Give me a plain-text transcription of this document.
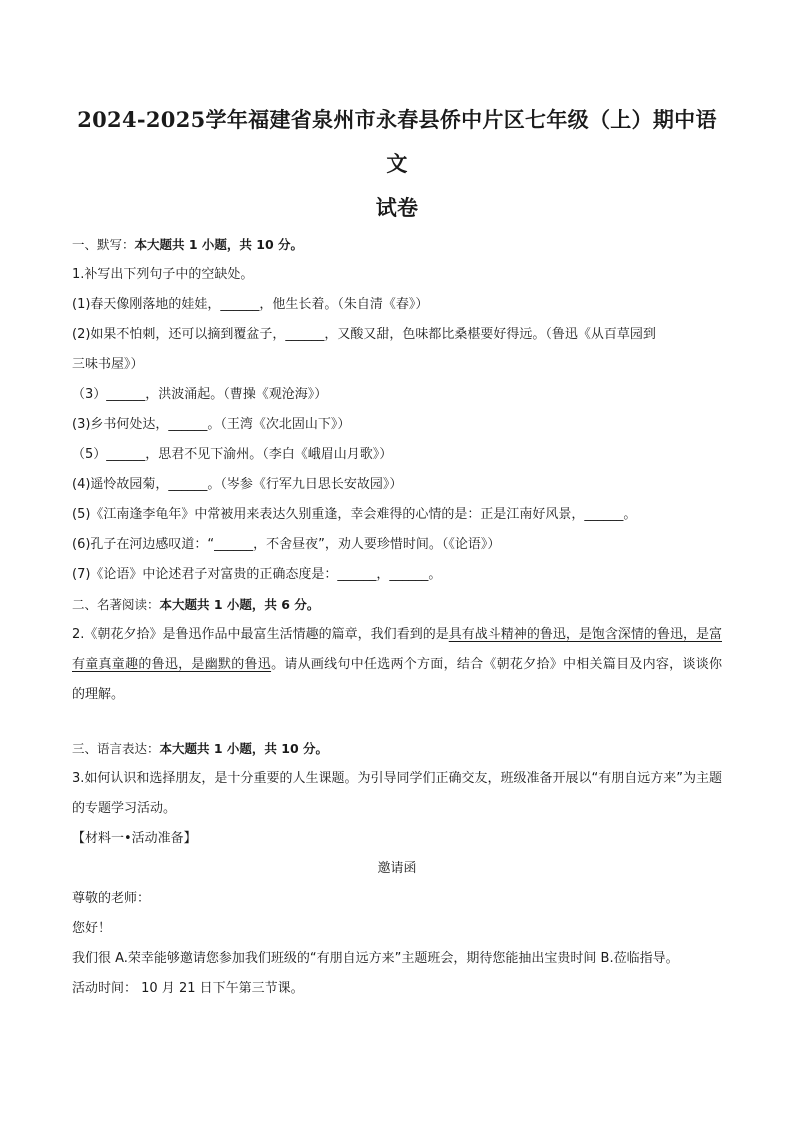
2024-2025学年福建省泉州市永春县侨中片区七年级（上）期中语文

试卷

一、默写：本大题共 1 小题，共 10 分。

1.补写出下列句子中的空缺处。

(1)春天像刚落地的娃娃，______，他生长着。（朱自清《春》）

(2)如果不怕刺，还可以摘到覆盆子，______，又酸又甜，色味都比桑椹要好得远。（鲁迅《从百草园到

三味书屋》）

（3）______，洪波涌起。（曹操《观沧海》）

(3)乡书何处达，______。（王湾《次北固山下》）

（5）______，思君不见下渝州。（李白《峨眉山月歌》）

(4)遥怜故园菊，______。（岑参《行军九日思长安故园》）

(5)《江南逢李龟年》中常被用来表达久别重逢，幸会难得的心情的是：正是江南好风景，______。

(6)孔子在河边感叹道：“______，不舍昼夜”，劝人要珍惜时间。（《论语》）

(7)《论语》中论述君子对富贵的正确态度是：______，______。

二、名著阅读：本大题共 1 小题，共 6 分。

2.《朝花夕拾》是鲁迅作品中最富生活情趣的篇章，我们看到的是具有战斗精神的鲁迅，是饱含深情的鲁迅，是富有童真童趣的鲁迅，是幽默的鲁迅。请从画线句中任选两个方面，结合《朝花夕拾》中相关篇目及内容，谈谈你的理解。

三、语言表达：本大题共 1 小题，共 10 分。

3.如何认识和选择朋友，是十分重要的人生课题。为引导同学们正确交友，班级准备开展以“有朋自远方来”为主题的专题学习活动。

【材料一•活动准备】

邀请函

尊敬的老师：

您好！

我们很 A.荣幸能够邀请您参加我们班级的“有朋自远方来”主题班会，期待您能抽出宝贵时间 B.莅临指导。

活动时间： 10 月 21 日下午第三节课。
